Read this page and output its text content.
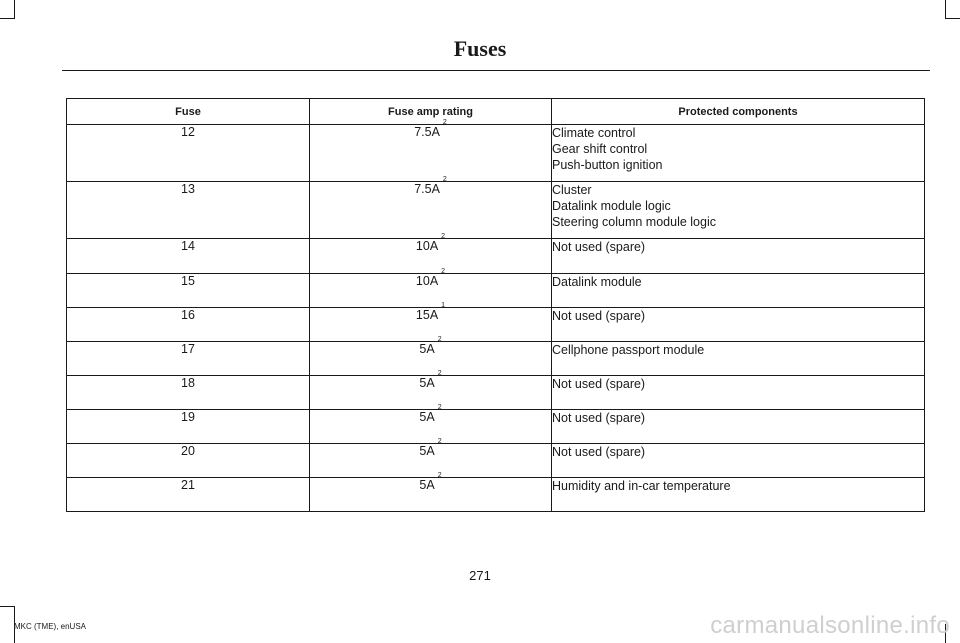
Fuses
Fuse	Fuse amp rating	Protected components
12	7.5A$^2$	Climate control
Gear shift control
Push-button ignition

13	7.5A$^2$	Cluster
Datalink module logic
Steering column module logic

14	10A$^2$	Not used (spare)

15	10A$^2$	Datalink module

16	15A$^1$	Not used (spare)

17	5A$^2$	Cellphone passport module

18	5A$^2$	Not used (spare)

19	5A$^2$	Not used (spare)

20	5A$^2$	Not used (spare)

21	5A$^2$	Humidity and in-car temperature
271
MKC (TME), enUSA	carmanualsonline.info
